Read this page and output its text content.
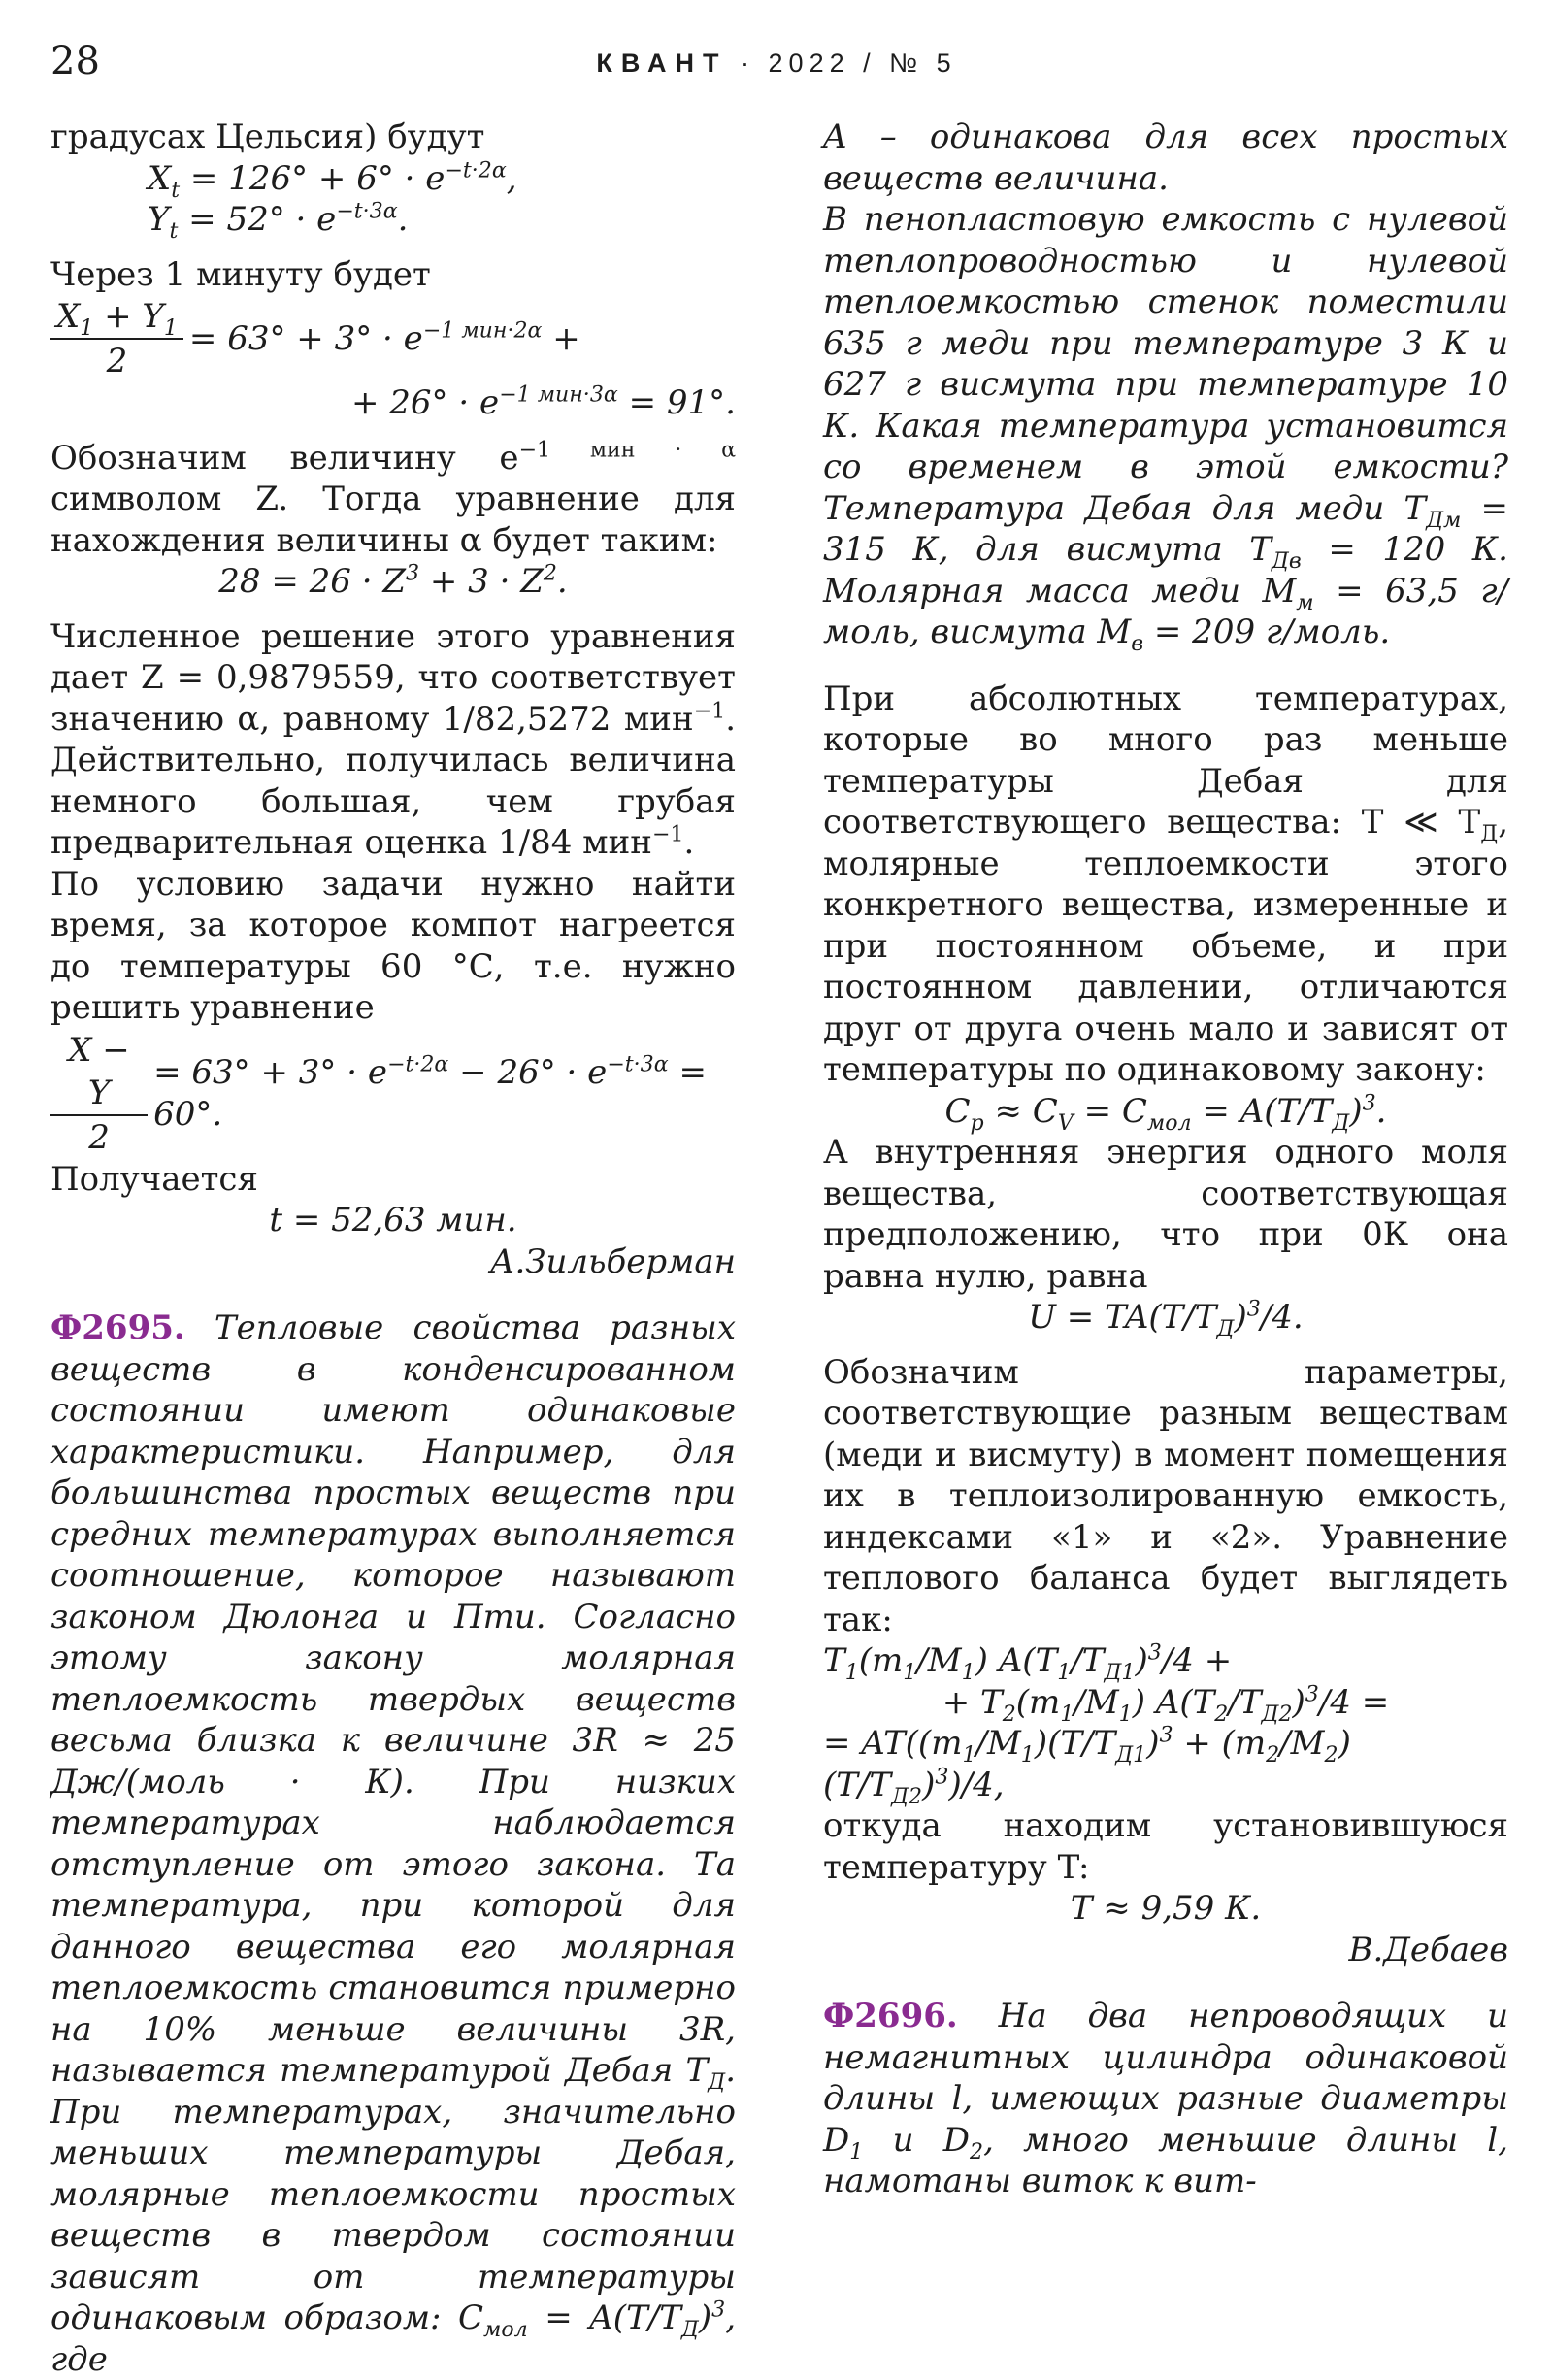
28	КВАНТ · 2022 / № 5

градусах Цельсия) будут

$X_t = 126^\circ + 6^\circ \cdot e^{-t\cdot 2\alpha}$,

$Y_t = 52^\circ \cdot e^{-t\cdot 3\alpha}$.

Через 1 минуту будет

$\frac{X_1 + Y_1}{2} = 63^\circ + 3^\circ \cdot e^{-1 мин\cdot 2\alpha}$ +

+ $26^\circ \cdot e^{-1 мин\cdot 3\alpha} = 91^\circ$.

Обозначим величину $e^{-1 мин \cdot \alpha}$ символом Z. Тогда уравнение для нахождения величины α будет таким:

$28 = 26 \cdot Z^3 + 3 \cdot Z^2$.

Численное решение этого уравнения дает Z = 0,9879559, что соответствует значению α, равному 1/82,5272 мин$^{-1}$. Действительно, получилась величина немного большая, чем грубая предварительная оценка 1/84 мин$^{-1}$.

По условию задачи нужно найти время, за которое компот нагреется до температуры 60 °С, т.е. нужно решить уравнение

$\frac{X - Y}{2} = 63^\circ + 3^\circ \cdot e^{-t\cdot 2\alpha} - 26^\circ \cdot e^{-t\cdot 3\alpha} = 60^\circ$.

Получается

t = 52,63 мин.

А.Зильберман

Ф2695. Тепловые свойства разных веществ в конденсированном состоянии имеют одинаковые характеристики. Например, для большинства простых веществ при средних температурах выполняется соотношение, которое называют законом Дюлонга и Пти. Согласно этому закону молярная теплоемкость твердых веществ весьма близка к величине 3R ≈ 25 Дж/(моль · К). При низких температурах наблюдается отступление от этого закона. Та температура, при которой для данного вещества его молярная теплоемкость становится примерно на 10% меньше величины 3R, называется температурой Дебая $T_Д$. При температурах, значительно меньших температуры Дебая, молярные теплоемкости простых веществ в твердом состоянии зависят от температуры одинаковым образом: $C_{мол} = A(T/T_Д)^3$, где

A – одинакова для всех простых веществ величина.

В пенопластовую емкость с нулевой теплопроводностью и нулевой теплоемкостью стенок поместили 635 г меди при температуре 3 К и 627 г висмута при температуре 10 К. Какая температура установится со временем в этой емкости? Температура Дебая для меди $T_{Дм} = 315$ К, для висмута $T_{Дв} = 120$ К. Молярная масса меди $M_м = 63,5$ г/моль, висмута $M_в = 209$ г/моль.

При абсолютных температурах, которые во много раз меньше температуры Дебая для соответствующего вещества: T ≪ $T_Д$, молярные теплоемкости этого конкретного вещества, измеренные и при постоянном объеме, и при постоянном давлении, отличаются друг от друга очень мало и зависят от температуры по одинаковому закону:

$C_p \approx C_V = C_{мол} = A(T/T_Д)^3$.

А внутренняя энергия одного моля вещества, соответствующая предположению, что при 0К она равна нулю, равна

$U = TA(T/T_Д)^3/4$.

Обозначим параметры, соответствующие разным веществам (меди и висмуту) в момент помещения их в теплоизолированную емкость, индексами «1» и «2». Уравнение теплового баланса будет выглядеть так:

$T_1(m_1/M_1) A(T_1/T_{Д1})^3/4$ +

+ $T_2(m_1/M_1) A(T_2/T_{Д2})^3/4$ =

= $AT((m_1/M_1)(T/T_{Д1})^3 + (m_2/M_2)(T/T_{Д2})^3)/4$,

откуда находим установившуюся температуру T:

T ≈ 9,59 К.

В.Дебаев

Ф2696. На два непроводящих и немагнитных цилиндра одинаковой длины l, имеющих разные диаметры $D_1$ и $D_2$, много меньшие длины l, намотаны виток к вит-
